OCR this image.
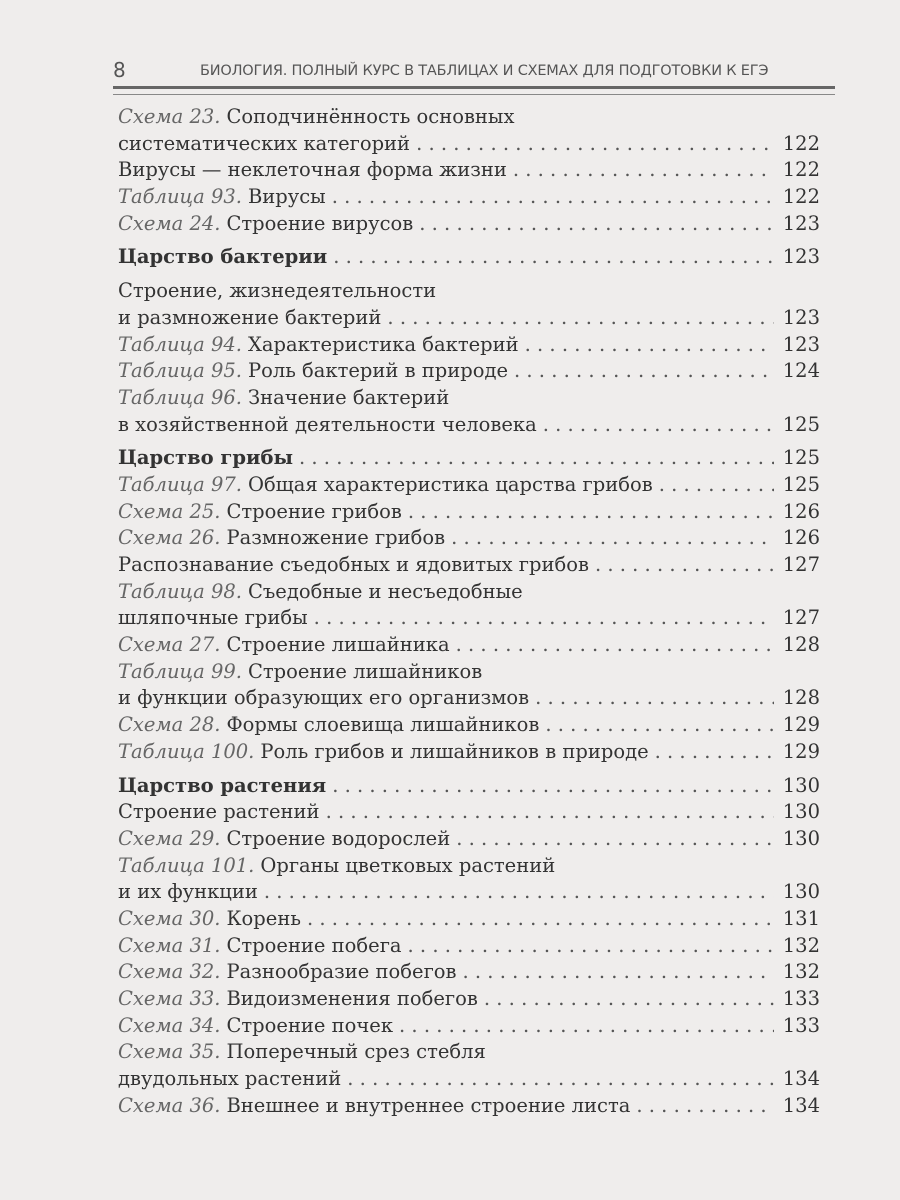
8	БИОЛОГИЯ. ПОЛНЫЙ КУРС В ТАБЛИЦАХ И СХЕМАХ ДЛЯ ПОДГОТОВКИ К ЕГЭ
Схема 23. Соподчинённость основных
систематических категорий . . .	122
Вирусы — неклеточная форма жизни . . .	122
Таблица 93. Вирусы . . .	122
Схема 24. Строение вирусов . . .	123
Царство бактерии . . .	123
Строение, жизнедеятельности
и размножение бактерий . . .	123
Таблица 94. Характеристика бактерий . . .	123
Таблица 95. Роль бактерий в природе . . .	124
Таблица 96. Значение бактерий
в хозяйственной деятельности человека . . .	125
Царство грибы . . .	125
Таблица 97. Общая характеристика царства грибов . . .	125
Схема 25. Строение грибов . . .	126
Схема 26. Размножение грибов . . .	126
Распознавание съедобных и ядовитых грибов . . .	127
Таблица 98. Съедобные и несъедобные
шляпочные грибы . . .	127
Схема 27. Строение лишайника . . .	128
Таблица 99. Строение лишайников
и функции образующих его организмов . . .	128
Схема 28. Формы слоевища лишайников . . .	129
Таблица 100. Роль грибов и лишайников в природе . . .	129
Царство растения . . .	130
Строение растений . . .	130
Схема 29. Строение водорослей . . .	130
Таблица 101. Органы цветковых растений
и их функции . . .	130
Схема 30. Корень . . .	131
Схема 31. Строение побега . . .	132
Схема 32. Разнообразие побегов . . .	132
Схема 33. Видоизменения побегов . . .	133
Схема 34. Строение почек . . .	133
Схема 35. Поперечный срез стебля
двудольных растений . . .	134
Схема 36. Внешнее и внутреннее строение листа . . .	134
